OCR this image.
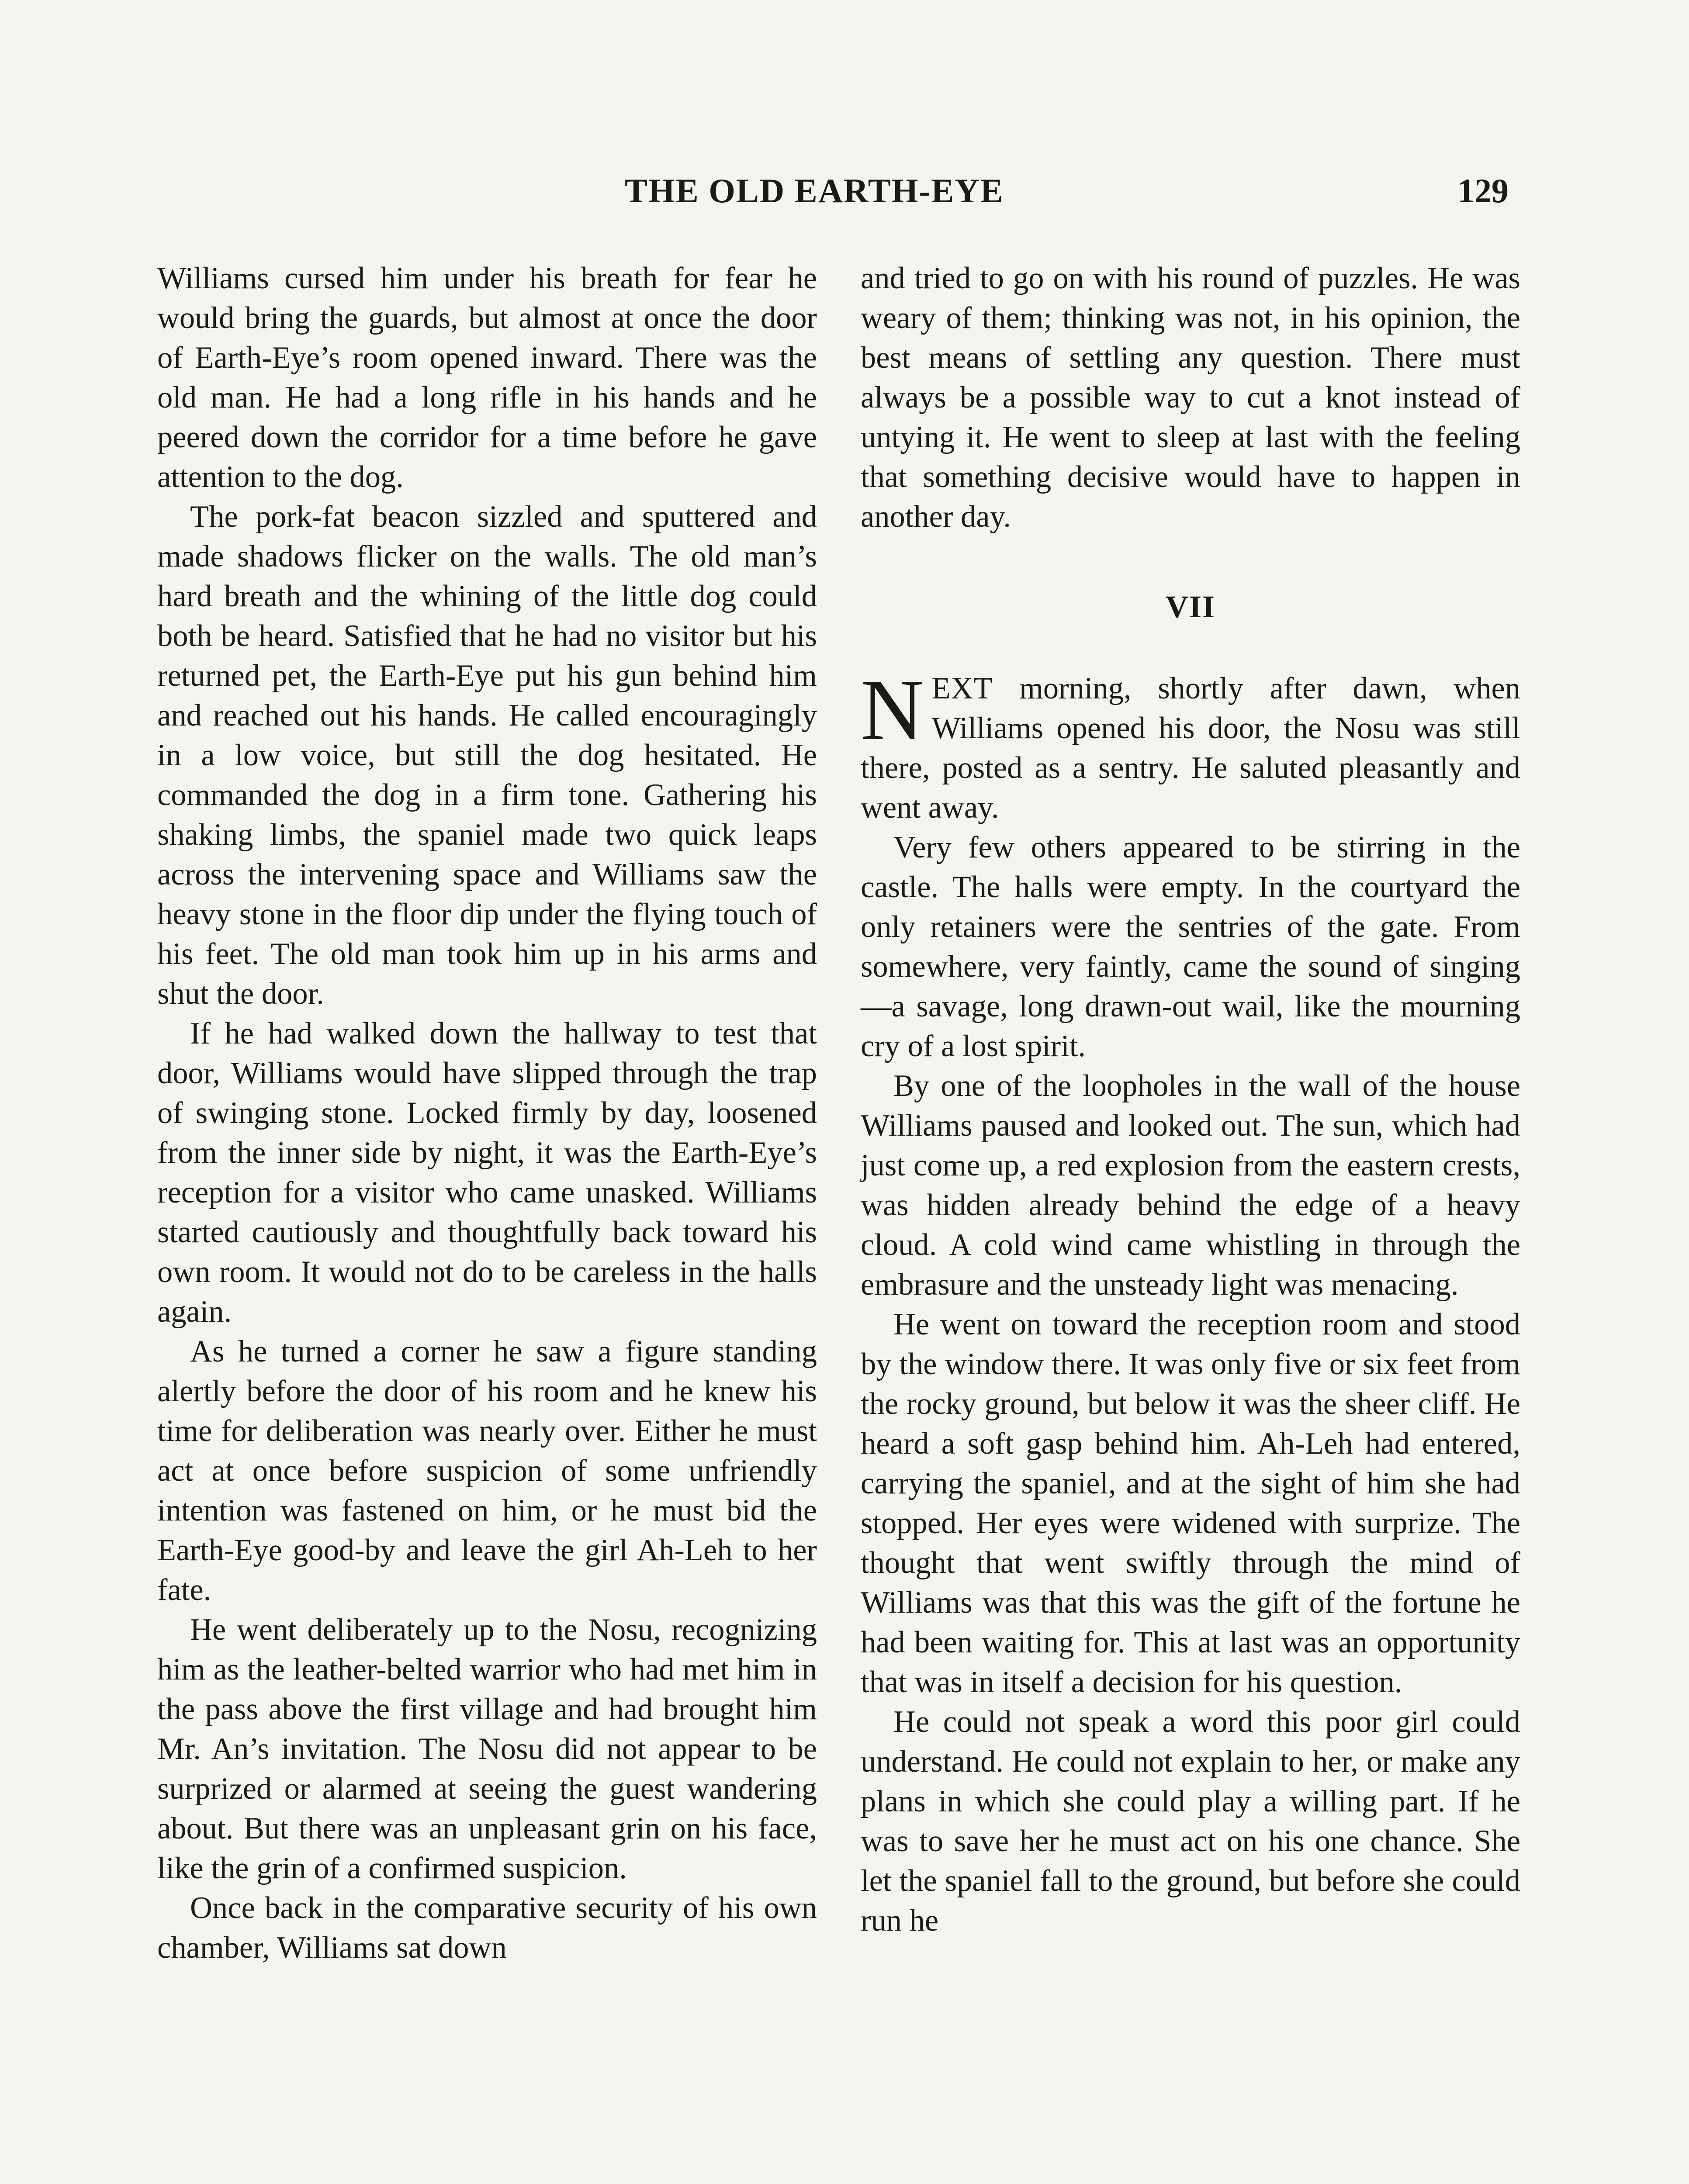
THE OLD EARTH-EYE	129

Williams cursed him under his breath for fear he would bring the guards, but almost at once the door of Earth-Eye’s room opened inward. There was the old man. He had a long rifle in his hands and he peered down the corridor for a time before he gave attention to the dog.

The pork-fat beacon sizzled and sputtered and made shadows flicker on the walls. The old man’s hard breath and the whining of the little dog could both be heard. Satisfied that he had no visitor but his returned pet, the Earth-Eye put his gun behind him and reached out his hands. He called encouragingly in a low voice, but still the dog hesitated. He commanded the dog in a firm tone. Gathering his shaking limbs, the spaniel made two quick leaps across the intervening space and Williams saw the heavy stone in the floor dip under the flying touch of his feet. The old man took him up in his arms and shut the door.

If he had walked down the hallway to test that door, Williams would have slipped through the trap of swinging stone. Locked firmly by day, loosened from the inner side by night, it was the Earth-Eye’s reception for a visitor who came unasked. Williams started cautiously and thoughtfully back toward his own room. It would not do to be careless in the halls again.

As he turned a corner he saw a figure standing alertly before the door of his room and he knew his time for deliberation was nearly over. Either he must act at once before suspicion of some unfriendly intention was fastened on him, or he must bid the Earth-Eye good-by and leave the girl Ah-Leh to her fate.

He went deliberately up to the Nosu, recognizing him as the leather-belted warrior who had met him in the pass above the first village and had brought him Mr. An’s invitation. The Nosu did not appear to be surprized or alarmed at seeing the guest wandering about. But there was an unpleasant grin on his face, like the grin of a confirmed suspicion.

Once back in the comparative security of his own chamber, Williams sat down

and tried to go on with his round of puzzles. He was weary of them; thinking was not, in his opinion, the best means of settling any question. There must always be a possible way to cut a knot instead of untying it. He went to sleep at last with the feeling that something decisive would have to happen in another day.

VII

NEXT morning, shortly after dawn, when Williams opened his door, the Nosu was still there, posted as a sentry. He saluted pleasantly and went away.

Very few others appeared to be stirring in the castle. The halls were empty. In the courtyard the only retainers were the sentries of the gate. From somewhere, very faintly, came the sound of singing—a savage, long drawn-out wail, like the mourning cry of a lost spirit.

By one of the loopholes in the wall of the house Williams paused and looked out. The sun, which had just come up, a red explosion from the eastern crests, was hidden already behind the edge of a heavy cloud. A cold wind came whistling in through the embrasure and the unsteady light was menacing.

He went on toward the reception room and stood by the window there. It was only five or six feet from the rocky ground, but below it was the sheer cliff. He heard a soft gasp behind him. Ah-Leh had entered, carrying the spaniel, and at the sight of him she had stopped. Her eyes were widened with surprize. The thought that went swiftly through the mind of Williams was that this was the gift of the fortune he had been waiting for. This at last was an opportunity that was in itself a decision for his question.

He could not speak a word this poor girl could understand. He could not explain to her, or make any plans in which she could play a willing part. If he was to save her he must act on his one chance. She let the spaniel fall to the ground, but before she could run he
